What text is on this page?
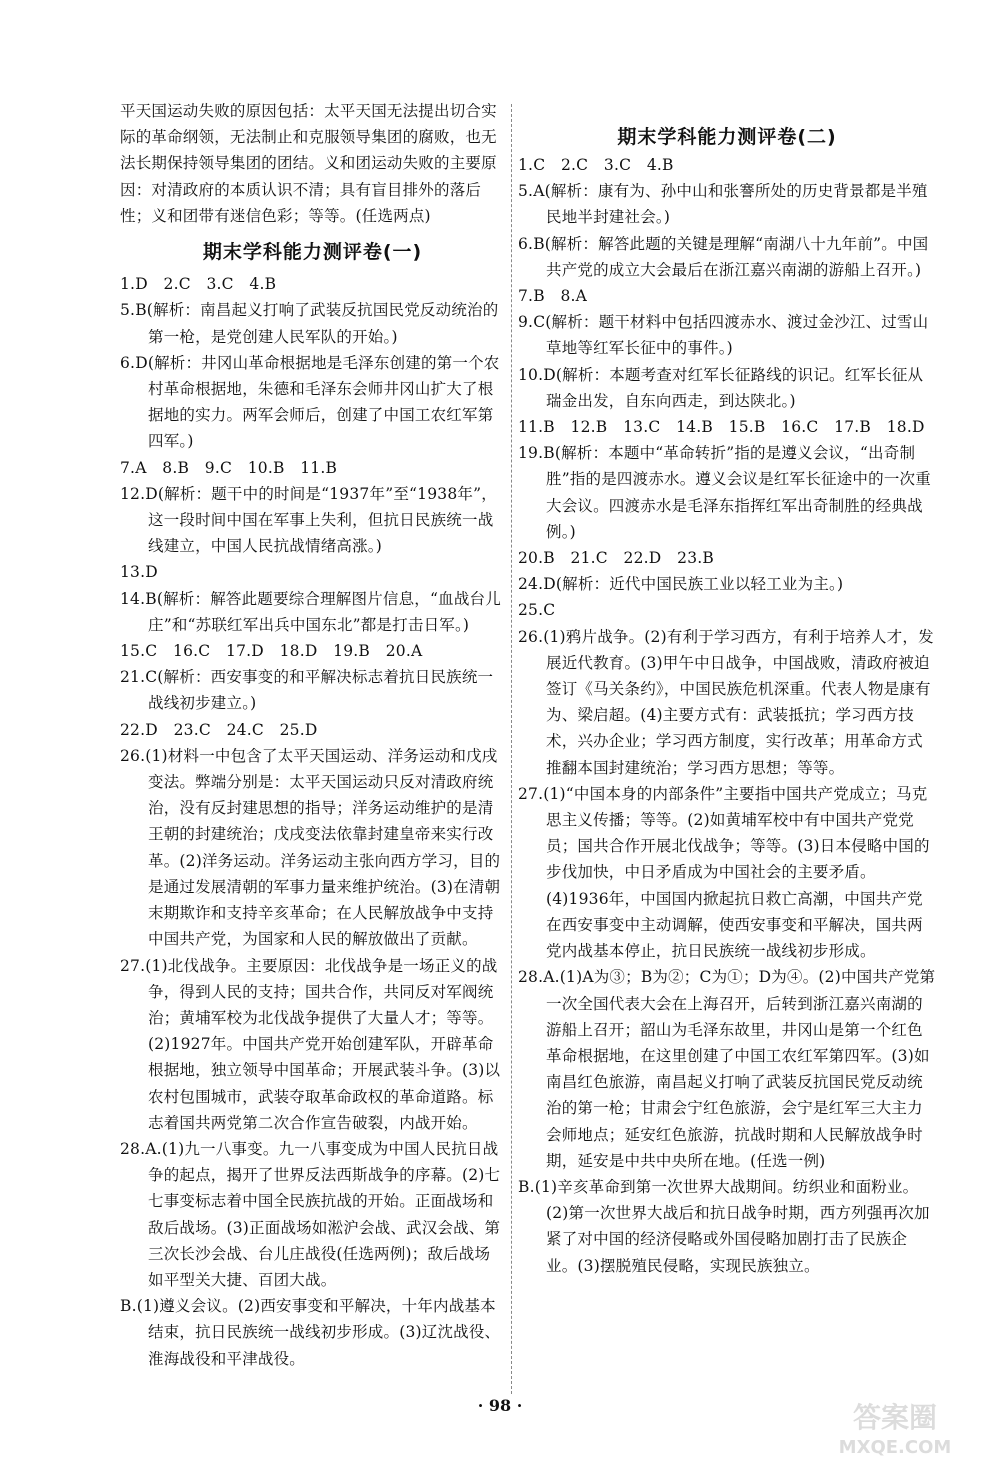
平天国运动失败的原因包括：太平天国无法提出切合实际的革命纲领，无法制止和克服领导集团的腐败，也无法长期保持领导集团的团结。义和团运动失败的主要原因：对清政府的本质认识不清；具有盲目排外的落后性；义和团带有迷信色彩；等等。(任选两点)

期末学科能力测评卷(一)

1.D　2.C　3.C　4.B

5.B(解析：南昌起义打响了武装反抗国民党反动统治的第一枪，是党创建人民军队的开始。)

6.D(解析：井冈山革命根据地是毛泽东创建的第一个农村革命根据地，朱德和毛泽东会师井冈山扩大了根据地的实力。两军会师后，创建了中国工农红军第四军。)

7.A　8.B　9.C　10.B　11.B

12.D(解析：题干中的时间是“1937年”至“1938年”，这一段时间中国在军事上失利，但抗日民族统一战线建立，中国人民抗战情绪高涨。)

13.D

14.B(解析：解答此题要综合理解图片信息，“血战台儿庄”和“苏联红军出兵中国东北”都是打击日军。)

15.C　16.C　17.D　18.D　19.B　20.A

21.C(解析：西安事变的和平解决标志着抗日民族统一战线初步建立。)

22.D　23.C　24.C　25.D

26.(1)材料一中包含了太平天国运动、洋务运动和戊戌变法。弊端分别是：太平天国运动只反对清政府统治，没有反封建思想的指导；洋务运动维护的是清王朝的封建统治；戊戌变法依靠封建皇帝来实行改革。(2)洋务运动。洋务运动主张向西方学习，目的是通过发展清朝的军事力量来维护统治。(3)在清朝末期欺诈和支持辛亥革命；在人民解放战争中支持中国共产党，为国家和人民的解放做出了贡献。

27.(1)北伐战争。主要原因：北伐战争是一场正义的战争，得到人民的支持；国共合作，共同反对军阀统治；黄埔军校为北伐战争提供了大量人才；等等。(2)1927年。中国共产党开始创建军队，开辟革命根据地，独立领导中国革命；开展武装斗争。(3)以农村包围城市，武装夺取革命政权的革命道路。标志着国共两党第二次合作宣告破裂，内战开始。

28.A.(1)九一八事变。九一八事变成为中国人民抗日战争的起点，揭开了世界反法西斯战争的序幕。(2)七七事变标志着中国全民族抗战的开始。正面战场和敌后战场。(3)正面战场如淞沪会战、武汉会战、第三次长沙会战、台儿庄战役(任选两例)；敌后战场如平型关大捷、百团大战。

B.(1)遵义会议。(2)西安事变和平解决，十年内战基本结束，抗日民族统一战线初步形成。(3)辽沈战役、淮海战役和平津战役。

期末学科能力测评卷(二)

1.C　2.C　3.C　4.B

5.A(解析：康有为、孙中山和张謇所处的历史背景都是半殖民地半封建社会。)

6.B(解析：解答此题的关键是理解“南湖八十九年前”。中国共产党的成立大会最后在浙江嘉兴南湖的游船上召开。)

7.B　8.A

9.C(解析：题干材料中包括四渡赤水、渡过金沙江、过雪山草地等红军长征中的事件。)

10.D(解析：本题考查对红军长征路线的识记。红军长征从瑞金出发，自东向西走，到达陕北。)

11.B　12.B　13.C　14.B　15.B　16.C　17.B　18.D

19.B(解析：本题中“革命转折”指的是遵义会议，“出奇制胜”指的是四渡赤水。遵义会议是红军长征途中的一次重大会议。四渡赤水是毛泽东指挥红军出奇制胜的经典战例。)

20.B　21.C　22.D　23.B

24.D(解析：近代中国民族工业以轻工业为主。)

25.C

26.(1)鸦片战争。(2)有利于学习西方，有利于培养人才，发展近代教育。(3)甲午中日战争，中国战败，清政府被迫签订《马关条约》，中国民族危机深重。代表人物是康有为、梁启超。(4)主要方式有：武装抵抗；学习西方技术，兴办企业；学习西方制度，实行改革；用革命方式推翻本国封建统治；学习西方思想；等等。

27.(1)“中国本身的内部条件”主要指中国共产党成立；马克思主义传播；等等。(2)如黄埔军校中有中国共产党党员；国共合作开展北伐战争；等等。(3)日本侵略中国的步伐加快，中日矛盾成为中国社会的主要矛盾。(4)1936年，中国国内掀起抗日救亡高潮，中国共产党在西安事变中主动调解，使西安事变和平解决，国共两党内战基本停止，抗日民族统一战线初步形成。

28.A.(1)A为③；B为②；C为①；D为④。(2)中国共产党第一次全国代表大会在上海召开，后转到浙江嘉兴南湖的游船上召开；韶山为毛泽东故里，井冈山是第一个红色革命根据地，在这里创建了中国工农红军第四军。(3)如南昌红色旅游，南昌起义打响了武装反抗国民党反动统治的第一枪；甘肃会宁红色旅游，会宁是红军三大主力会师地点；延安红色旅游，抗战时期和人民解放战争时期，延安是中共中央所在地。(任选一例)

B.(1)辛亥革命到第一次世界大战期间。纺织业和面粉业。(2)第一次世界大战后和抗日战争时期，西方列强再次加紧了对中国的经济侵略或外国侵略加剧打击了民族企业。(3)摆脱殖民侵略，实现民族独立。

· 98 ·	答案圈
MXQE.COM
